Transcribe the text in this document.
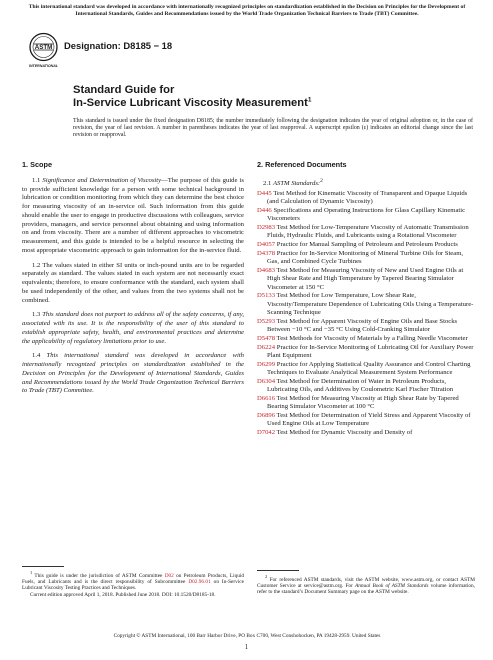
This international standard was developed in accordance with internationally recognized principles on standardization established in the Decision on Principles for the Development of International Standards, Guides and Recommendations issued by the World Trade Organization Technical Barriers to Trade (TBT) Committee.
ASTM
INTERNATIONAL
Designation: D8185 − 18
Standard Guide for
In-Service Lubricant Viscosity Measurement$^1$
This standard is issued under the fixed designation D8185; the number immediately following the designation indicates the year of original adoption or, in the case of revision, the year of last revision. A number in parentheses indicates the year of last reapproval. A superscript epsilon (ε) indicates an editorial change since the last revision or reapproval.
1. Scope

1.1 Significance and Determination of Viscosity—The purpose of this guide is to provide sufficient knowledge for a person with some technical background in lubrication or condition monitoring from which they can determine the best choice for measuring viscosity of an in-service oil. Such information from this guide should enable the user to engage in productive discussions with colleagues, service providers, managers, and service personnel about obtaining and using information on and from viscosity. There are a number of different approaches to viscometric measurement, and this guide is intended to be a helpful resource in selecting the most appropriate viscometric approach to gain information for the in-service fluid.

1.2 The values stated in either SI units or inch-pound units are to be regarded separately as standard. The values stated in each system are not necessarily exact equivalents; therefore, to ensure conformance with the standard, each system shall be used independently of the other, and values from the two systems shall not be combined.

1.3 This standard does not purport to address all of the safety concerns, if any, associated with its use. It is the responsibility of the user of this standard to establish appropriate safety, health, and environmental practices and determine the applicability of regulatory limitations prior to use.

1.4 This international standard was developed in accordance with internationally recognized principles on standardization established in the Decision on Principles for the Development of International Standards, Guides and Recommendations issued by the World Trade Organization Technical Barriers to Trade (TBT) Committee.

2. Referenced Documents

2.1 ASTM Standards:$^2$

D445 Test Method for Kinematic Viscosity of Transparent and Opaque Liquids (and Calculation of Dynamic Viscosity)

D446 Specifications and Operating Instructions for Glass Capillary Kinematic Viscometers

D2983 Test Method for Low-Temperature Viscosity of Automatic Transmission Fluids, Hydraulic Fluids, and Lubricants using a Rotational Viscometer

D4057 Practice for Manual Sampling of Petroleum and Petroleum Products

D4378 Practice for In-Service Monitoring of Mineral Turbine Oils for Steam, Gas, and Combined Cycle Turbines

D4683 Test Method for Measuring Viscosity of New and Used Engine Oils at High Shear Rate and High Temperature by Tapered Bearing Simulator Viscometer at 150 °C

D5133 Test Method for Low Temperature, Low Shear Rate, Viscosity/Temperature Dependence of Lubricating Oils Using a Temperature-Scanning Technique

D5293 Test Method for Apparent Viscosity of Engine Oils and Base Stocks Between −10 °C and −35 °C Using Cold-Cranking Simulator

D5478 Test Methods for Viscosity of Materials by a Falling Needle Viscometer

D6224 Practice for In-Service Monitoring of Lubricating Oil for Auxiliary Power Plant Equipment

D6299 Practice for Applying Statistical Quality Assurance and Control Charting Techniques to Evaluate Analytical Measurement System Performance

D6304 Test Method for Determination of Water in Petroleum Products, Lubricating Oils, and Additives by Coulometric Karl Fischer Titration

D6616 Test Method for Measuring Viscosity at High Shear Rate by Tapered Bearing Simulator Viscometer at 100 °C

D6896 Test Method for Determination of Yield Stress and Apparent Viscosity of Used Engine Oils at Low Temperature

D7042 Test Method for Dynamic Viscosity and Density of

$^1$ This guide is under the jurisdiction of ASTM Committee D02 on Petroleum Products, Liquid Fuels, and Lubricants and is the direct responsibility of Subcommittee D02.96.01 on In-Service Lubricant Viscosity Testing Practices and Techniques.

Current edition approved April 1, 2018. Published June 2018. DOI: 10.1520/D8185-18.

$^2$ For referenced ASTM standards, visit the ASTM website, www.astm.org, or contact ASTM Customer Service at service@astm.org. For Annual Book of ASTM Standards volume information, refer to the standard’s Document Summary page on the ASTM website.

Copyright © ASTM International, 100 Barr Harbor Drive, PO Box C700, West Conshohocken, PA 19428-2959. United States
1
